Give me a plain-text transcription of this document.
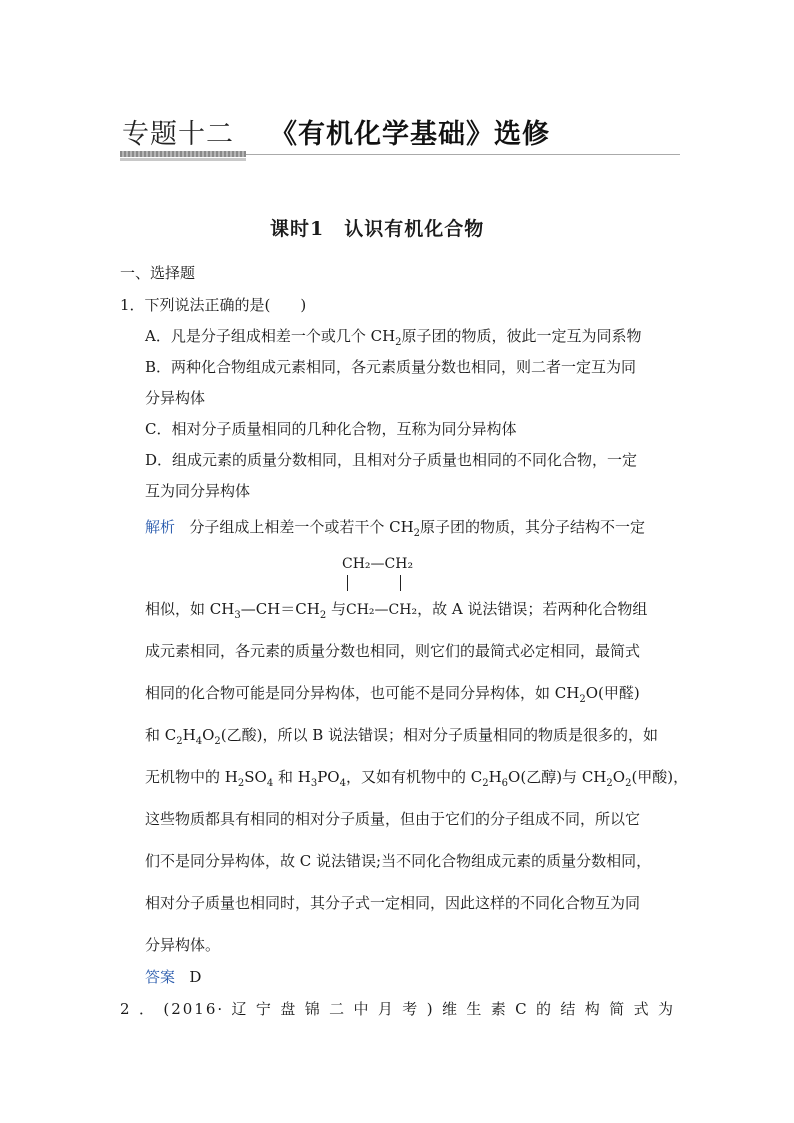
专题十二 《有机化学基础》选修
课时1　认识有机化合物
一、选择题
1．下列说法正确的是(　　)
A．凡是分子组成相差一个或几个 $CH_2$原子团的物质，彼此一定互为同系物
B．两种化合物组成元素相同，各元素质量分数也相同，则二者一定互为同
分异构体
C．相对分子质量相同的几种化合物，互称为同分异构体
D．组成元素的质量分数相同，且相对分子质量也相同的不同化合物，一定
互为同分异构体
解析 分子组成上相差一个或若干个 $CH_2$原子团的物质，其分子结构不一定
CH₂—CH₂
相似，如 $CH_3—CH=CH_2$ 与CH₂—CH₂，故 A 说法错误；若两种化合物组
成元素相同，各元素的质量分数也相同，则它们的最简式必定相同，最简式
相同的化合物可能是同分异构体，也可能不是同分异构体，如 $CH_2O$(甲醛)
和 $C_2H_4O_2$(乙酸)，所以 B 说法错误；相对分子质量相同的物质是很多的，如
无机物中的 $H_2SO_4$ 和 $H_3PO_4$，又如有机物中的 $C_2H_6O$(乙醇)与 $CH_2O_2$(甲酸)，
这些物质都具有相同的相对分子质量，但由于它们的分子组成不同，所以它
们不是同分异构体，故 C 说法错误;当不同化合物组成元素的质量分数相同，
相对分子质量也相同时，其分子式一定相同，因此这样的不同化合物互为同
分异构体。
答案 D
2．(2016·辽宁盘锦二中月考)维生素C的结构简式为
